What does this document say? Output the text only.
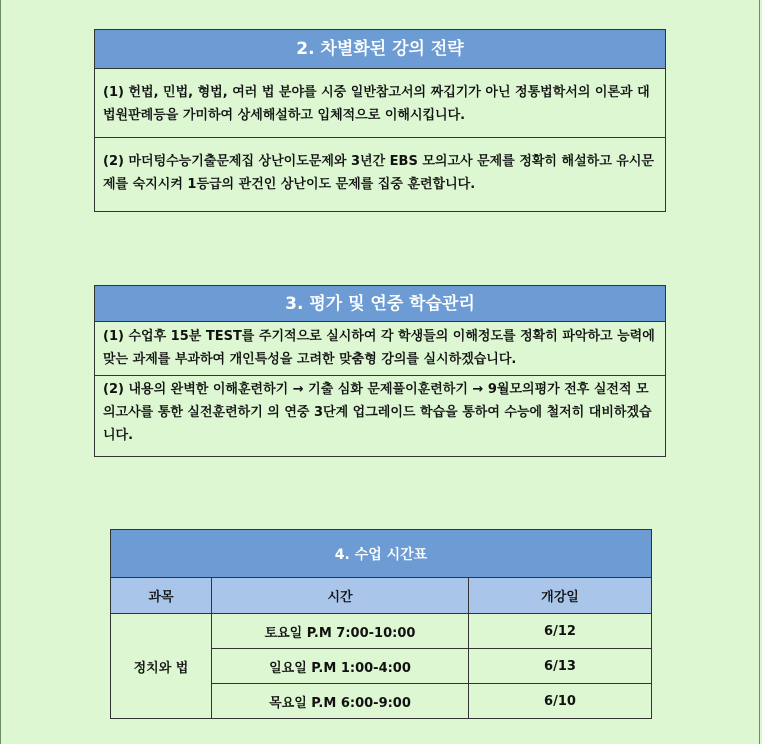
2. 차별화된 강의 전략
(1) 헌법, 민법, 형법, 여러 법 분야를 시중 일반참고서의 짜깁기가 아닌 정통법학서의 이론과 대법원판례등을 가미하여 상세해설하고 입체적으로 이해시킵니다.
(2) 마더텅수능기출문제집 상난이도문제와 3년간 EBS 모의고사 문제를 정확히 해설하고 유시문제를 숙지시켜 1등급의 관건인 상난이도 문제를 집중 훈련합니다.
3. 평가 및 연중 학습관리
(1) 수업후 15분 TEST를 주기적으로 실시하여 각 학생들의 이해정도를 정확히 파악하고 능력에 맞는 과제를 부과하여 개인특성을 고려한 맞춤형 강의를 실시하겠습니다.
(2) 내용의 완벽한 이해훈련하기 → 기출 심화 문제풀이훈련하기 → 9월모의평가 전후 실전적 모의고사를 통한 실전훈련하기 의 연중 3단계 업그레이드 학습을 통하여 수능에 철저히 대비하겠습니다.
4. 수업 시간표		
과목	시간	개강일
정치와 법	토요일 P.M 7:00-10:00	6/12
	일요일 P.M 1:00-4:00	6/13
	목요일 P.M 6:00-9:00	6/10
